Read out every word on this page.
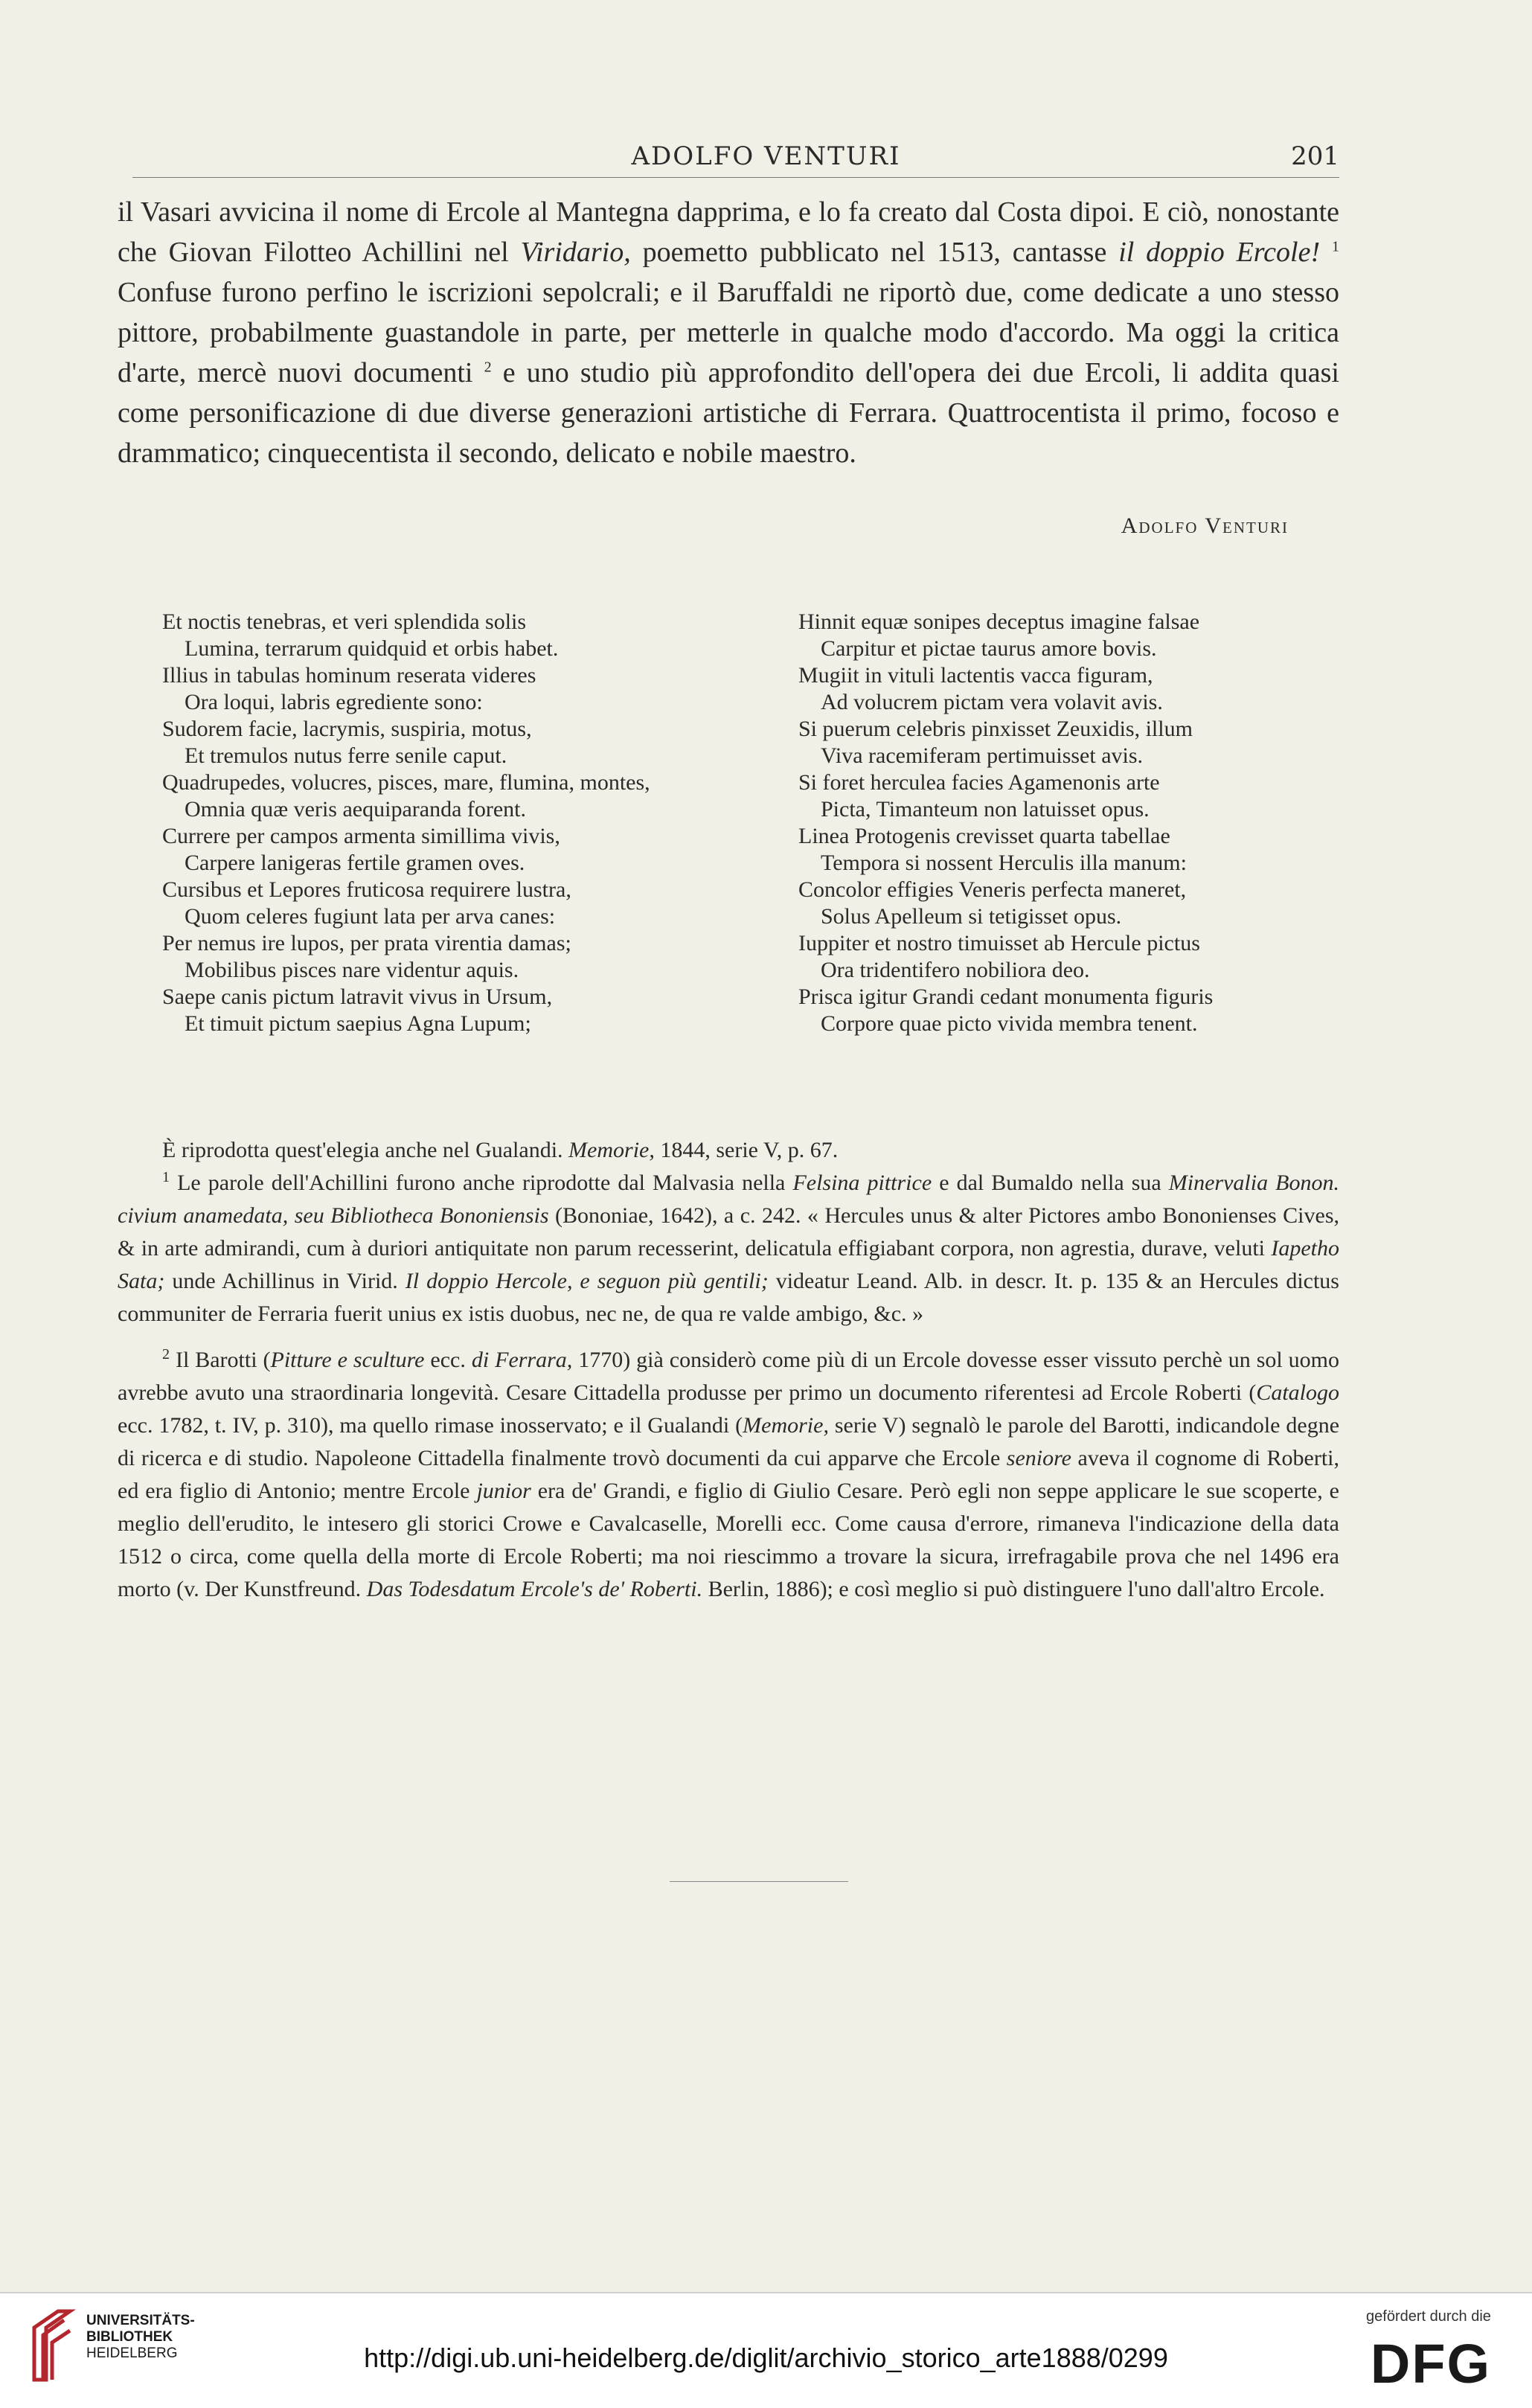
ADOLFO VENTURI	201

il Vasari avvicina il nome di Ercole al Mantegna dapprima, e lo fa creato dal Costa dipoi. E ciò, nonostante che Giovan Filotteo Achillini nel Viridario, poemetto pubblicato nel 1513, cantasse il doppio Ercole! $^1$ Confuse furono perfino le iscrizioni sepolcrali; e il Baruffaldi ne riportò due, come dedicate a uno stesso pittore, probabilmente guastandole in parte, per metterle in qualche modo d'accordo. Ma oggi la critica d'arte, mercè nuovi documenti $^2$ e uno studio più approfondito dell'opera dei due Ercoli, li addita quasi come personificazione di due diverse generazioni artistiche di Ferrara. Quattrocentista il primo, focoso e drammatico; cinquecentista il secondo, delicato e nobile maestro.

Adolfo Venturi
Et noctis tenebras, et veri splendida solis
Lumina, terrarum quidquid et orbis habet.
Illius in tabulas hominum reserata videres
Ora loqui, labris egrediente sono:
Sudorem facie, lacrymis, suspiria, motus,
Et tremulos nutus ferre senile caput.
Quadrupedes, volucres, pisces, mare, flumina, montes,
Omnia quæ veris aequiparanda forent.
Currere per campos armenta simillima vivis,
Carpere lanigeras fertile gramen oves.
Cursibus et Lepores fruticosa requirere lustra,
Quom celeres fugiunt lata per arva canes:
Per nemus ire lupos, per prata virentia damas;
Mobilibus pisces nare videntur aquis.
Saepe canis pictum latravit vivus in Ursum,
Et timuit pictum saepius Agna Lupum;
Hinnit equæ sonipes deceptus imagine falsae
Carpitur et pictae taurus amore bovis.
Mugiit in vituli lactentis vacca figuram,
Ad volucrem pictam vera volavit avis.
Si puerum celebris pinxisset Zeuxidis, illum
Viva racemiferam pertimuisset avis.
Si foret herculea facies Agamenonis arte
Picta, Timanteum non latuisset opus.
Linea Protogenis crevisset quarta tabellae
Tempora si nossent Herculis illa manum:
Concolor effigies Veneris perfecta maneret,
Solus Apelleum si tetigisset opus.
Iuppiter et nostro timuisset ab Hercule pictus
Ora tridentifero nobiliora deo.
Prisca igitur Grandi cedant monumenta figuris
Corpore quae picto vivida membra tenent.

È riprodotta quest'elegia anche nel Gualandi. Memorie, 1844, serie V, p. 67.

$^1$ Le parole dell'Achillini furono anche riprodotte dal Malvasia nella Felsina pittrice e dal Bumaldo nella sua Minervalia Bonon. civium anamedata, seu Bibliotheca Bononiensis (Bononiae, 1642), a c. 242. « Hercules unus & alter Pictores ambo Bononienses Cives, & in arte admirandi, cum à duriori antiquitate non parum recesserint, delicatula effigiabant corpora, non agrestia, durave, veluti Iapetho Sata; unde Achillinus in Virid. Il doppio Hercole, e seguon più gentili; videatur Leand. Alb. in descr. It. p. 135 & an Hercules dictus communiter de Ferraria fuerit unius ex istis duobus, nec ne, de qua re valde ambigo, &c. »

$^2$ Il Barotti (Pitture e sculture ecc. di Ferrara, 1770) già considerò come più di un Ercole dovesse esser vissuto perchè un sol uomo avrebbe avuto una straordinaria longevità. Cesare Cittadella produsse per primo un documento riferentesi ad Ercole Roberti (Catalogo ecc. 1782, t. IV, p. 310), ma quello rimase inosservato; e il Gualandi (Memorie, serie V) segnalò le parole del Barotti, indicandole degne di ricerca e di studio. Napoleone Cittadella finalmente trovò documenti da cui apparve che Ercole seniore aveva il cognome di Roberti, ed era figlio di Antonio; mentre Ercole junior era de' Grandi, e figlio di Giulio Cesare. Però egli non seppe applicare le sue scoperte, e meglio dell'erudito, le intesero gli storici Crowe e Cavalcaselle, Morelli ecc. Come causa d'errore, rimaneva l'indicazione della data 1512 o circa, come quella della morte di Ercole Roberti; ma noi riescimmo a trovare la sicura, irrefragabile prova che nel 1496 era morto (v. Der Kunstfreund. Das Todesdatum Ercole's de' Roberti. Berlin, 1886); e così meglio si può distinguere l'uno dall'altro Ercole.

UNIVERSITÄTS-
BIBLIOTHEK
HEIDELBERG	http://digi.ub.uni-heidelberg.de/diglit/archivio_storico_arte1888/0299
gefördert durch die
DFG
